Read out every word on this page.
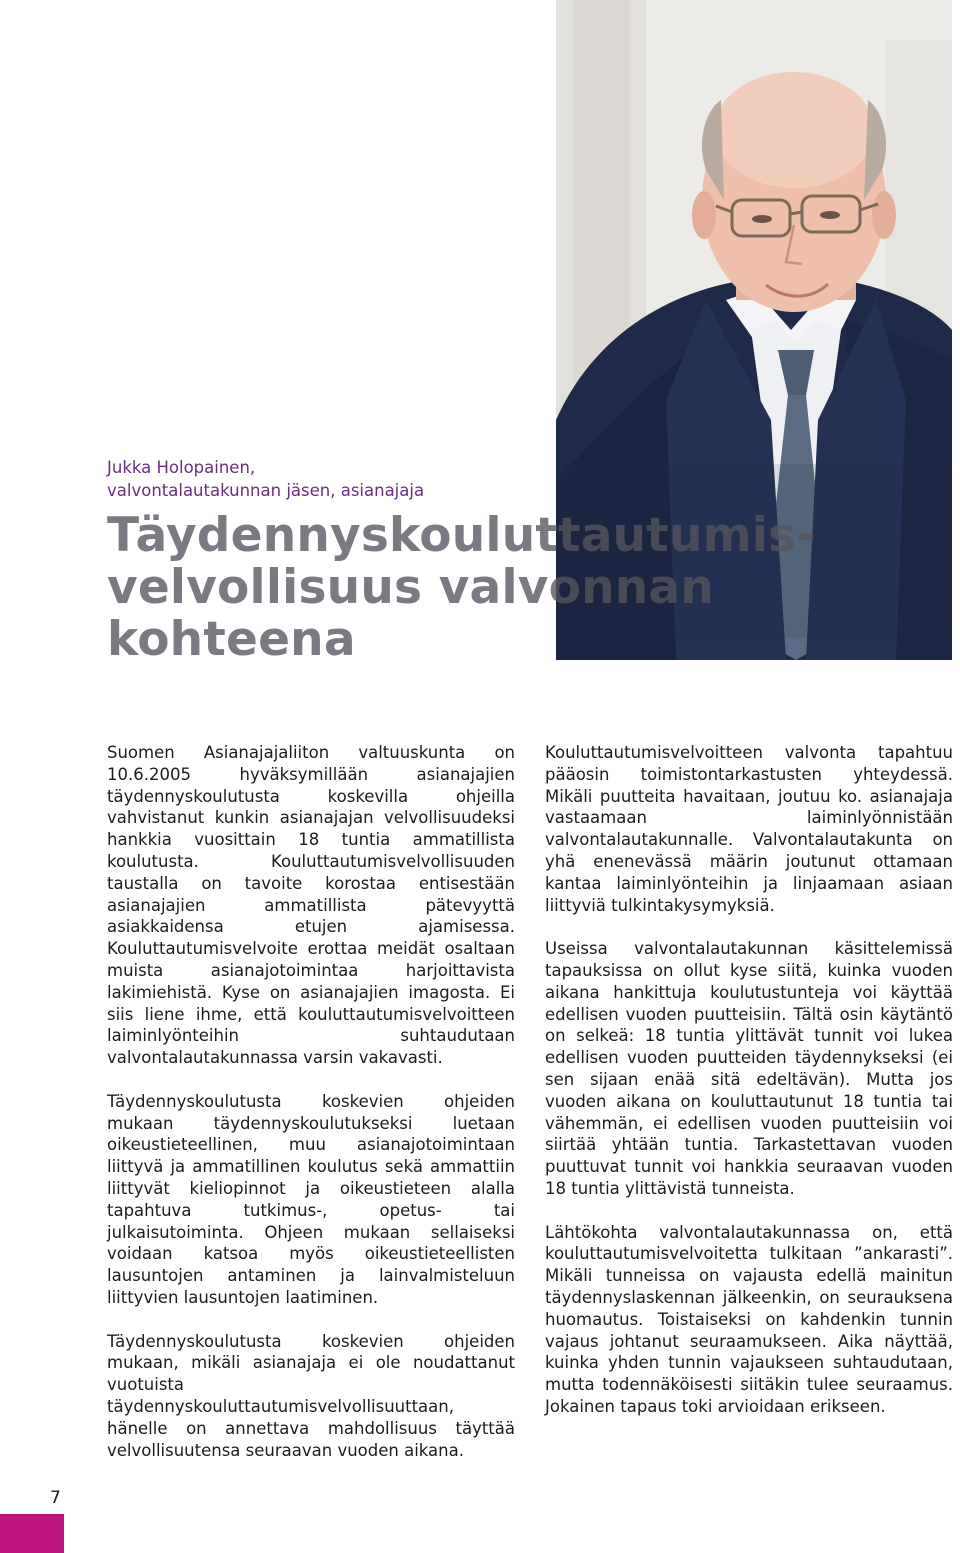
Jukka Holopainen,
valvontalautakunnan jäsen, asianajaja
Täydennyskouluttautumis-
velvollisuus valvonnan
kohteena

Suomen Asianajajaliiton valtuuskunta on 10.6.2005 hyväksymillään asianajajien täydennyskoulutusta koskevilla ohjeilla vahvistanut kunkin asianajajan velvollisuudeksi hankkia vuosittain 18 tuntia ammatillista koulutusta. Kouluttautumisvelvollisuuden taustalla on tavoite korostaa entisestään asianajajien ammatillista pätevyyttä asiakkaidensa etujen ajamisessa. Kouluttautumisvelvoite erottaa meidät osaltaan muista asianajotoimintaa harjoittavista lakimiehistä. Kyse on asianajajien imagosta. Ei siis liene ihme, että kouluttautumisvelvoitteen laiminlyönteihin suhtaudutaan valvontalautakunnassa varsin vakavasti.

Täydennyskoulutusta koskevien ohjeiden mukaan täydennyskoulutukseksi luetaan oikeustieteellinen, muu asianajotoimintaan liittyvä ja ammatillinen koulutus sekä ammattiin liittyvät kieliopinnot ja oikeustieteen alalla tapahtuva tutkimus-, opetus- tai julkaisutoiminta. Ohjeen mukaan sellaiseksi voidaan katsoa myös oikeustieteellisten lausuntojen antaminen ja lainvalmisteluun liittyvien lausuntojen laatiminen.

Täydennyskoulutusta koskevien ohjeiden mukaan, mikäli asianajaja ei ole noudattanut vuotuista täydennyskouluttautumisvelvollisuuttaan, hänelle on annettava mahdollisuus täyttää velvollisuutensa seuraavan vuoden aikana.

Kouluttautumisvelvoitteen valvonta tapahtuu pääosin toimistontarkastusten yhteydessä. Mikäli puutteita havaitaan, joutuu ko. asianajaja vastaamaan laiminlyönnistään valvontalautakunnalle. Valvontalautakunta on yhä enenevässä määrin joutunut ottamaan kantaa laiminlyönteihin ja linjaamaan asiaan liittyviä tulkintakysymyksiä.

Useissa valvontalautakunnan käsittelemissä tapauksissa on ollut kyse siitä, kuinka vuoden aikana hankittuja koulutustunteja voi käyttää edellisen vuoden puutteisiin. Tältä osin käytäntö on selkeä: 18 tuntia ylittävät tunnit voi lukea edellisen vuoden puutteiden täydennykseksi (ei sen sijaan enää sitä edeltävän). Mutta jos vuoden aikana on kouluttautunut 18 tuntia tai vähemmän, ei edellisen vuoden puutteisiin voi siirtää yhtään tuntia. Tarkastettavan vuoden puuttuvat tunnit voi hankkia seuraavan vuoden 18 tuntia ylittävistä tunneista.

Lähtökohta valvontalautakunnassa on, että kouluttautumisvelvoitetta tulkitaan ”ankarasti”. Mikäli tunneissa on vajausta edellä mainitun täydennyslaskennan jälkeenkin, on seurauksena huomautus. Toistaiseksi on kahdenkin tunnin vajaus johtanut seuraamukseen. Aika näyttää, kuinka yhden tunnin vajaukseen suhtaudutaan, mutta todennäköisesti siitäkin tulee seuraamus. Jokainen tapaus toki arvioidaan erikseen.

7
